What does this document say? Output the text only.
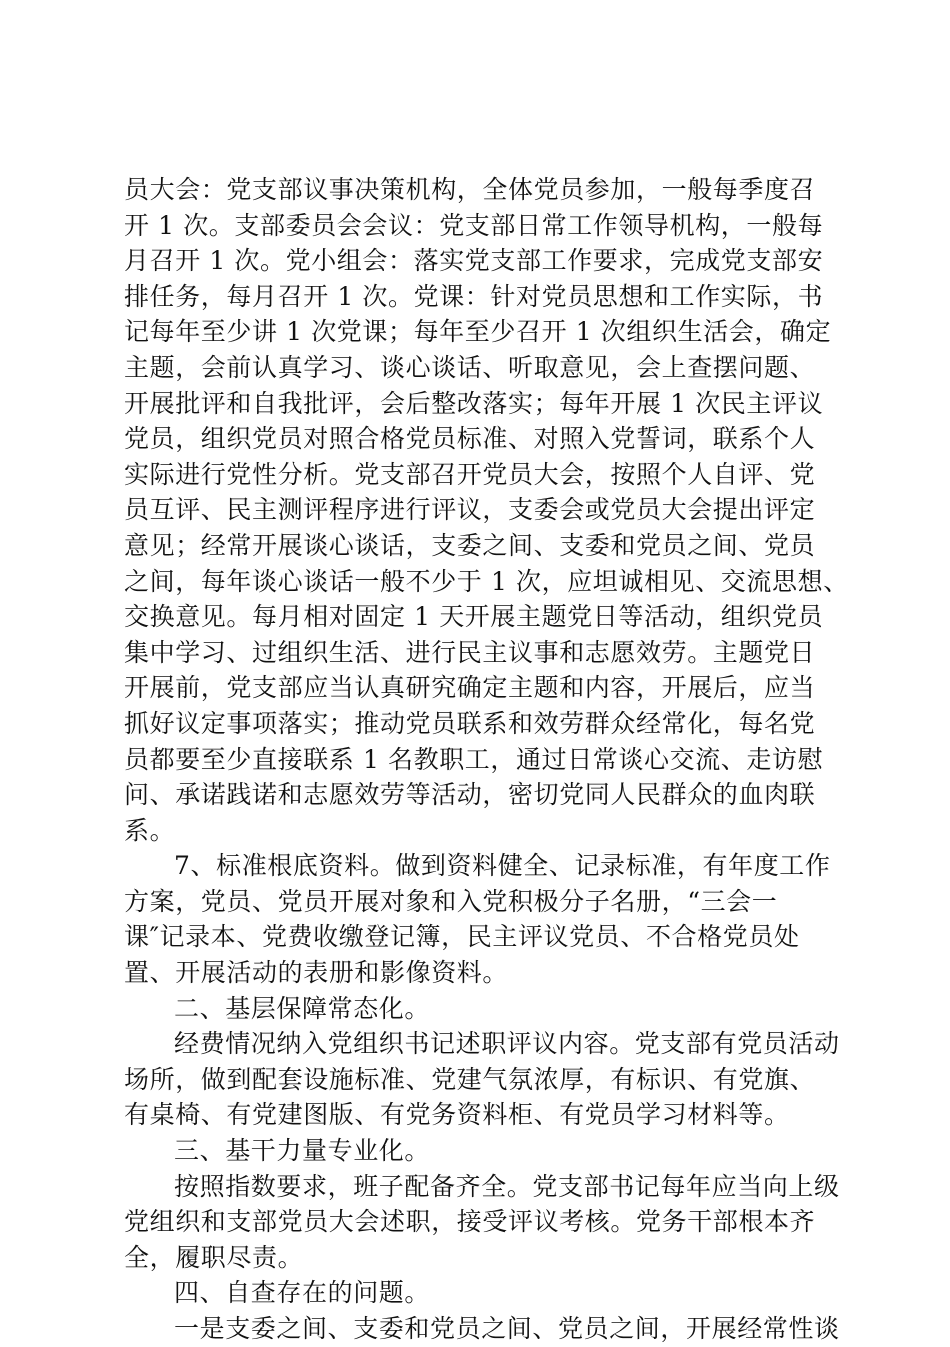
员大会：党支部议事决策机构，全体党员参加，一般每季度召
开 1 次。支部委员会会议：党支部日常工作领导机构，一般每
月召开 1 次。党小组会：落实党支部工作要求，完成党支部安
排任务，每月召开 1 次。党课：针对党员思想和工作实际，书
记每年至少讲 1 次党课；每年至少召开 1 次组织生活会，确定
主题，会前认真学习、谈心谈话、听取意见，会上查摆问题、
开展批评和自我批评，会后整改落实；每年开展 1 次民主评议
党员，组织党员对照合格党员标准、对照入党誓词，联系个人
实际进行党性分析。党支部召开党员大会，按照个人自评、党
员互评、民主测评程序进行评议，支委会或党员大会提出评定
意见；经常开展谈心谈话，支委之间、支委和党员之间、党员
之间，每年谈心谈话一般不少于 1 次，应坦诚相见、交流思想、
交换意见。每月相对固定 1 天开展主题党日等活动，组织党员
集中学习、过组织生活、进行民主议事和志愿效劳。主题党日
开展前，党支部应当认真研究确定主题和内容，开展后，应当
抓好议定事项落实；推动党员联系和效劳群众经常化，每名党
员都要至少直接联系 1 名教职工，通过日常谈心交流、走访慰
问、承诺践诺和志愿效劳等活动，密切党同人民群众的血肉联
系。
7、标准根底资料。做到资料健全、记录标准，有年度工作
方案，党员、党员开展对象和入党积极分子名册，“三会一
课″记录本、党费收缴登记簿，民主评议党员、不合格党员处
置、开展活动的表册和影像资料。
二、基层保障常态化。
经费情况纳入党组织书记述职评议内容。党支部有党员活动
场所，做到配套设施标准、党建气氛浓厚，有标识、有党旗、
有桌椅、有党建图版、有党务资料柜、有党员学习材料等。
三、基干力量专业化。
按照指数要求，班子配备齐全。党支部书记每年应当向上级
党组织和支部党员大会述职，接受评议考核。党务干部根本齐
全，履职尽责。
四、自查存在的问题。
一是支委之间、支委和党员之间、党员之间，开展经常性谈
